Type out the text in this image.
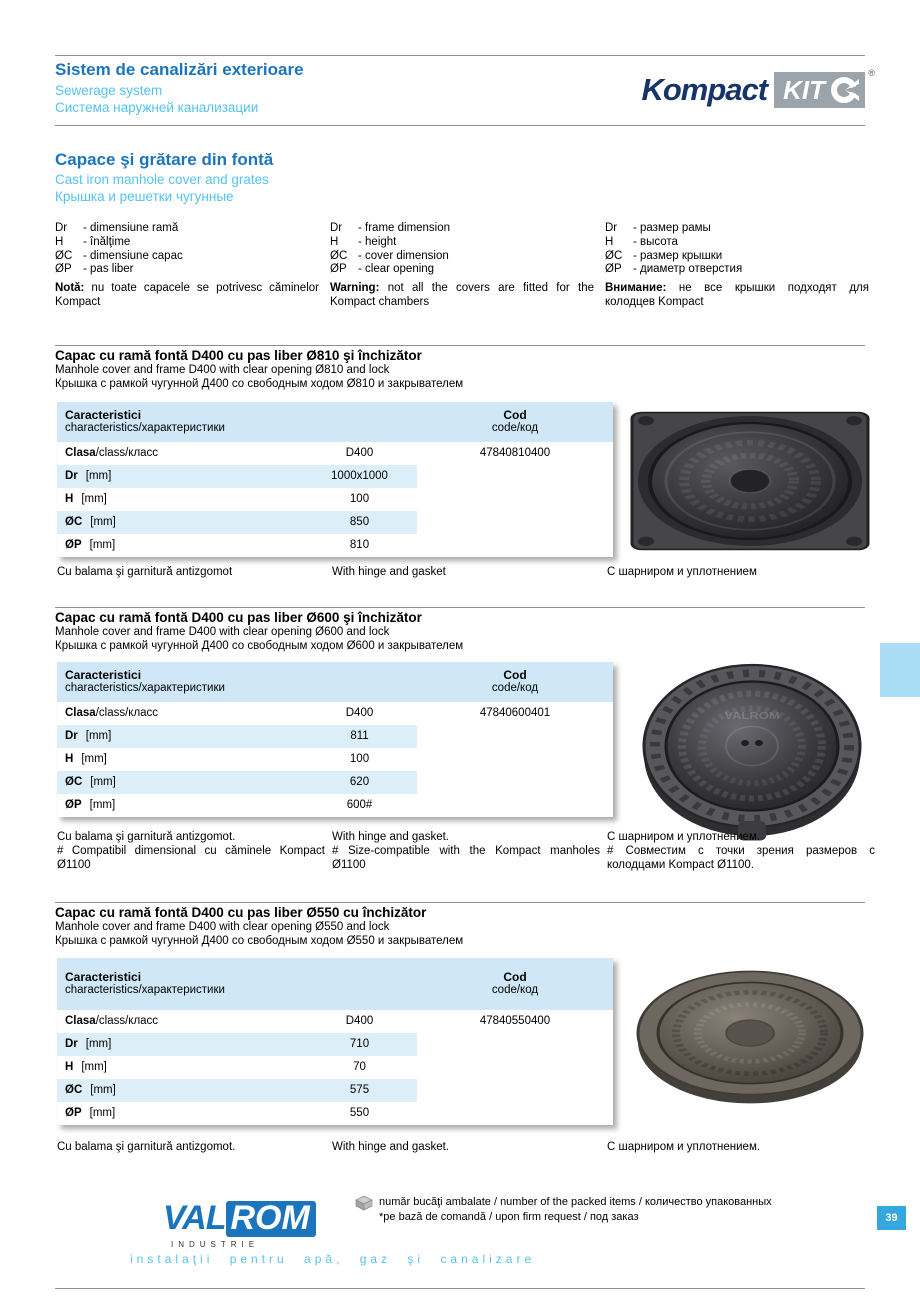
Sistem de canalizări exterioare
Sewerage system
Система наружней канализации
Kompact KIT
®
Capace şi grătare din fontă
Cast iron manhole cover and grates
Крышка и решетки чугунные
Dr	- dimensiune ramă
H	- înălţime
ØC - dimensiune capac
ØP - pas liber

Notă: nu toate capacele se potrivesc căminelor Kompact

Dr	- frame dimension
H	- height
ØC - cover dimension
ØP - clear opening

Warning: not all the covers are fitted for the Kompact chambers

Dr	- размер рамы
H	- высота
ØC - размер крышки
ØP - диаметр отверстия

Внимание: не все крышки подходят для колодцев Kompact

Capac cu ramă fontă D400 cu pas liber Ø810 şi închizător
Manhole cover and frame D400 with clear opening Ø810 and lock
Крышка с рамкой чугунной Д400 со свободным ходом Ø810 и закрывателем
Caracteristici
characteristics/характеристики
Cod
code/код
Clasa/class/класс	D400	47840810400
Dr [mm]	1000x1000
H [mm]	100
ØC [mm]	850
ØP [mm]	810
Cu balama şi garnitură antizgomot	With hinge and gasket	С шарниром и уплотнением
Capac cu ramă fontă D400 cu pas liber Ø600 şi închizător
Manhole cover and frame D400 with clear opening Ø600 and lock
Крышка с рамкой чугунной Д400 со свободным ходом Ø600 и закрывателем
Caracteristici
characteristics/характеристики
Cod
code/код
Clasa/class/класс	D400	47840600401
Dr [mm]	811
H [mm]	100
ØC [mm]	620
ØP [mm]	600#
VALROM
Cu balama şi garnitură antizgomot.
# Compatibil dimensional cu căminele Kompact Ø1100
With hinge and gasket.
# Size-compatible with the Kompact manholes Ø1100
С шарниром и уплотнением.
# Совместим с точки зрения размеров с колодцами Kompact Ø1100.
Capac cu ramă fontă D400 cu pas liber Ø550 cu închizător
Manhole cover and frame D400 with clear opening Ø550 and lock
Крышка с рамкой чугунной Д400 со свободным ходом Ø550 и закрывателем
Caracteristici
characteristics/характеристики
Cod
code/код
Clasa/class/класс	D400	47840550400
Dr [mm]	710
H [mm]	70
ØC [mm]	575
ØP [mm]	550
Cu balama şi garnitură antizgomot.	With hinge and gasket.	С шарниром и уплотнением.
VAL ROM
INDUSTRIE
instalaţii pentru apă, gaz şi canalizare
număr bucăţi ambalate / number of the packed items / количество упакованных
*pe bază de comandă / upon firm request / под заказ	39
